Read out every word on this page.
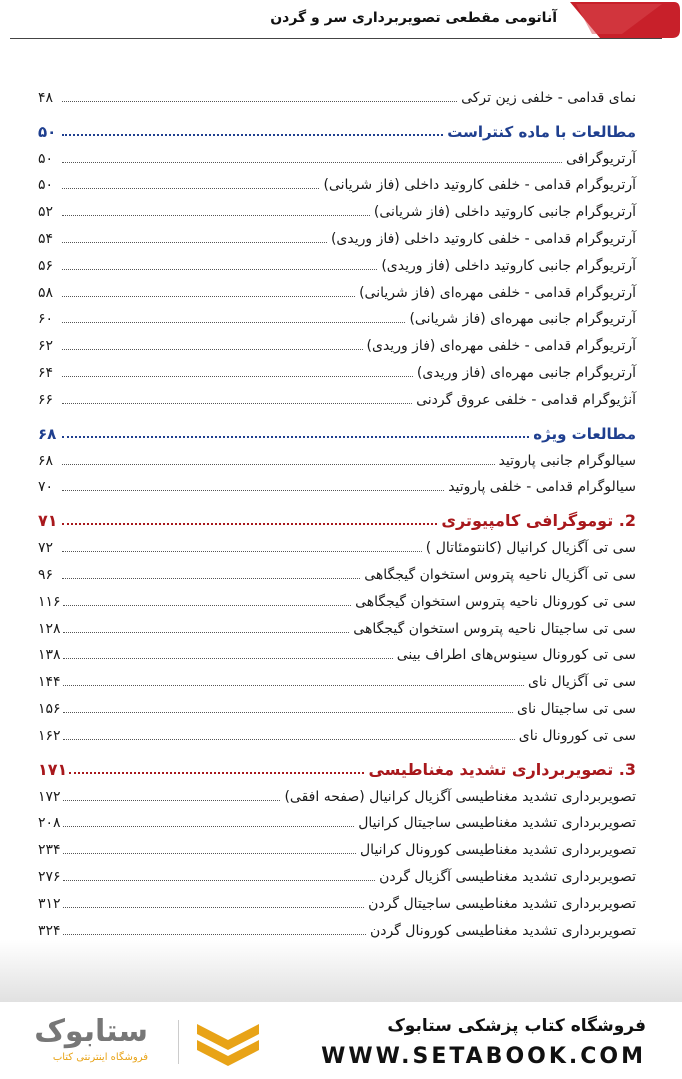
آناتومی مقطعی تصویربرداری سر و گردن
نمای قدامی - خلفی زین ترکی
۴۸
مطالعات با ماده کنتراست
۵۰
آرتریوگرافی
۵۰
آرتریوگرام قدامی - خلفی کاروتید داخلی (فاز شریانی)
۵۰
آرتریوگرام جانبی کاروتید داخلی (فاز شریانی)
۵۲
آرتریوگرام قدامی - خلفی کاروتید داخلی (فاز وریدی)
۵۴
آرتریوگرام جانبی کاروتید داخلی (فاز وریدی)
۵۶
آرتریوگرام قدامی - خلفی مهره‌ای (فاز شریانی)
۵۸
آرتریوگرام جانبی مهره‌ای (فاز شریانی)
۶۰
آرتریوگرام قدامی - خلفی مهره‌ای (فاز وریدی)
۶۲
آرتریوگرام جانبی مهره‌ای (فاز وریدی)
۶۴
آنژیوگرام قدامی - خلفی عروق گردنی
۶۶
مطالعات ویژه
۶۸
سیالوگرام جانبی پاروتید
۶۸
سیالوگرام قدامی - خلفی پاروتید
۷۰
2. توموگرافی کامپیوتری
۷۱
سی تی آگزیال کرانیال (کانتومئاتال )
۷۲
سی تی آگزیال ناحیه پتروس استخوان گیجگاهی
۹۶
سی تی کورونال ناحیه پتروس استخوان گیجگاهی
۱۱۶
سی تی ساجیتال ناحیه پتروس استخوان گیجگاهی
۱۲۸
سی تی کورونال سینوس‌های اطراف بینی
۱۳۸
سی تی آگزیال نای
۱۴۴
سی تی ساجیتال نای
۱۵۶
سی تی کورونال نای
۱۶۲
3. تصویربرداری تشدید مغناطیسی
۱۷۱
تصویربرداری تشدید مغناطیسی آگزیال کرانیال (صفحه افقی)
۱۷۲
تصویربرداری تشدید مغناطیسی ساجیتال کرانیال
۲۰۸
تصویربرداری تشدید مغناطیسی کورونال کرانیال
۲۳۴
تصویربرداری تشدید مغناطیسی آگزیال گردن
۲۷۶
تصویربرداری تشدید مغناطیسی ساجیتال گردن
۳۱۲
تصویربرداری تشدید مغناطیسی کورونال گردن
۳۲۴
فروشگاه کتاب پزشکی ستابوک
WWW.SETABOOK.COM
ستابوک
فروشگاه اینترنتی کتاب
